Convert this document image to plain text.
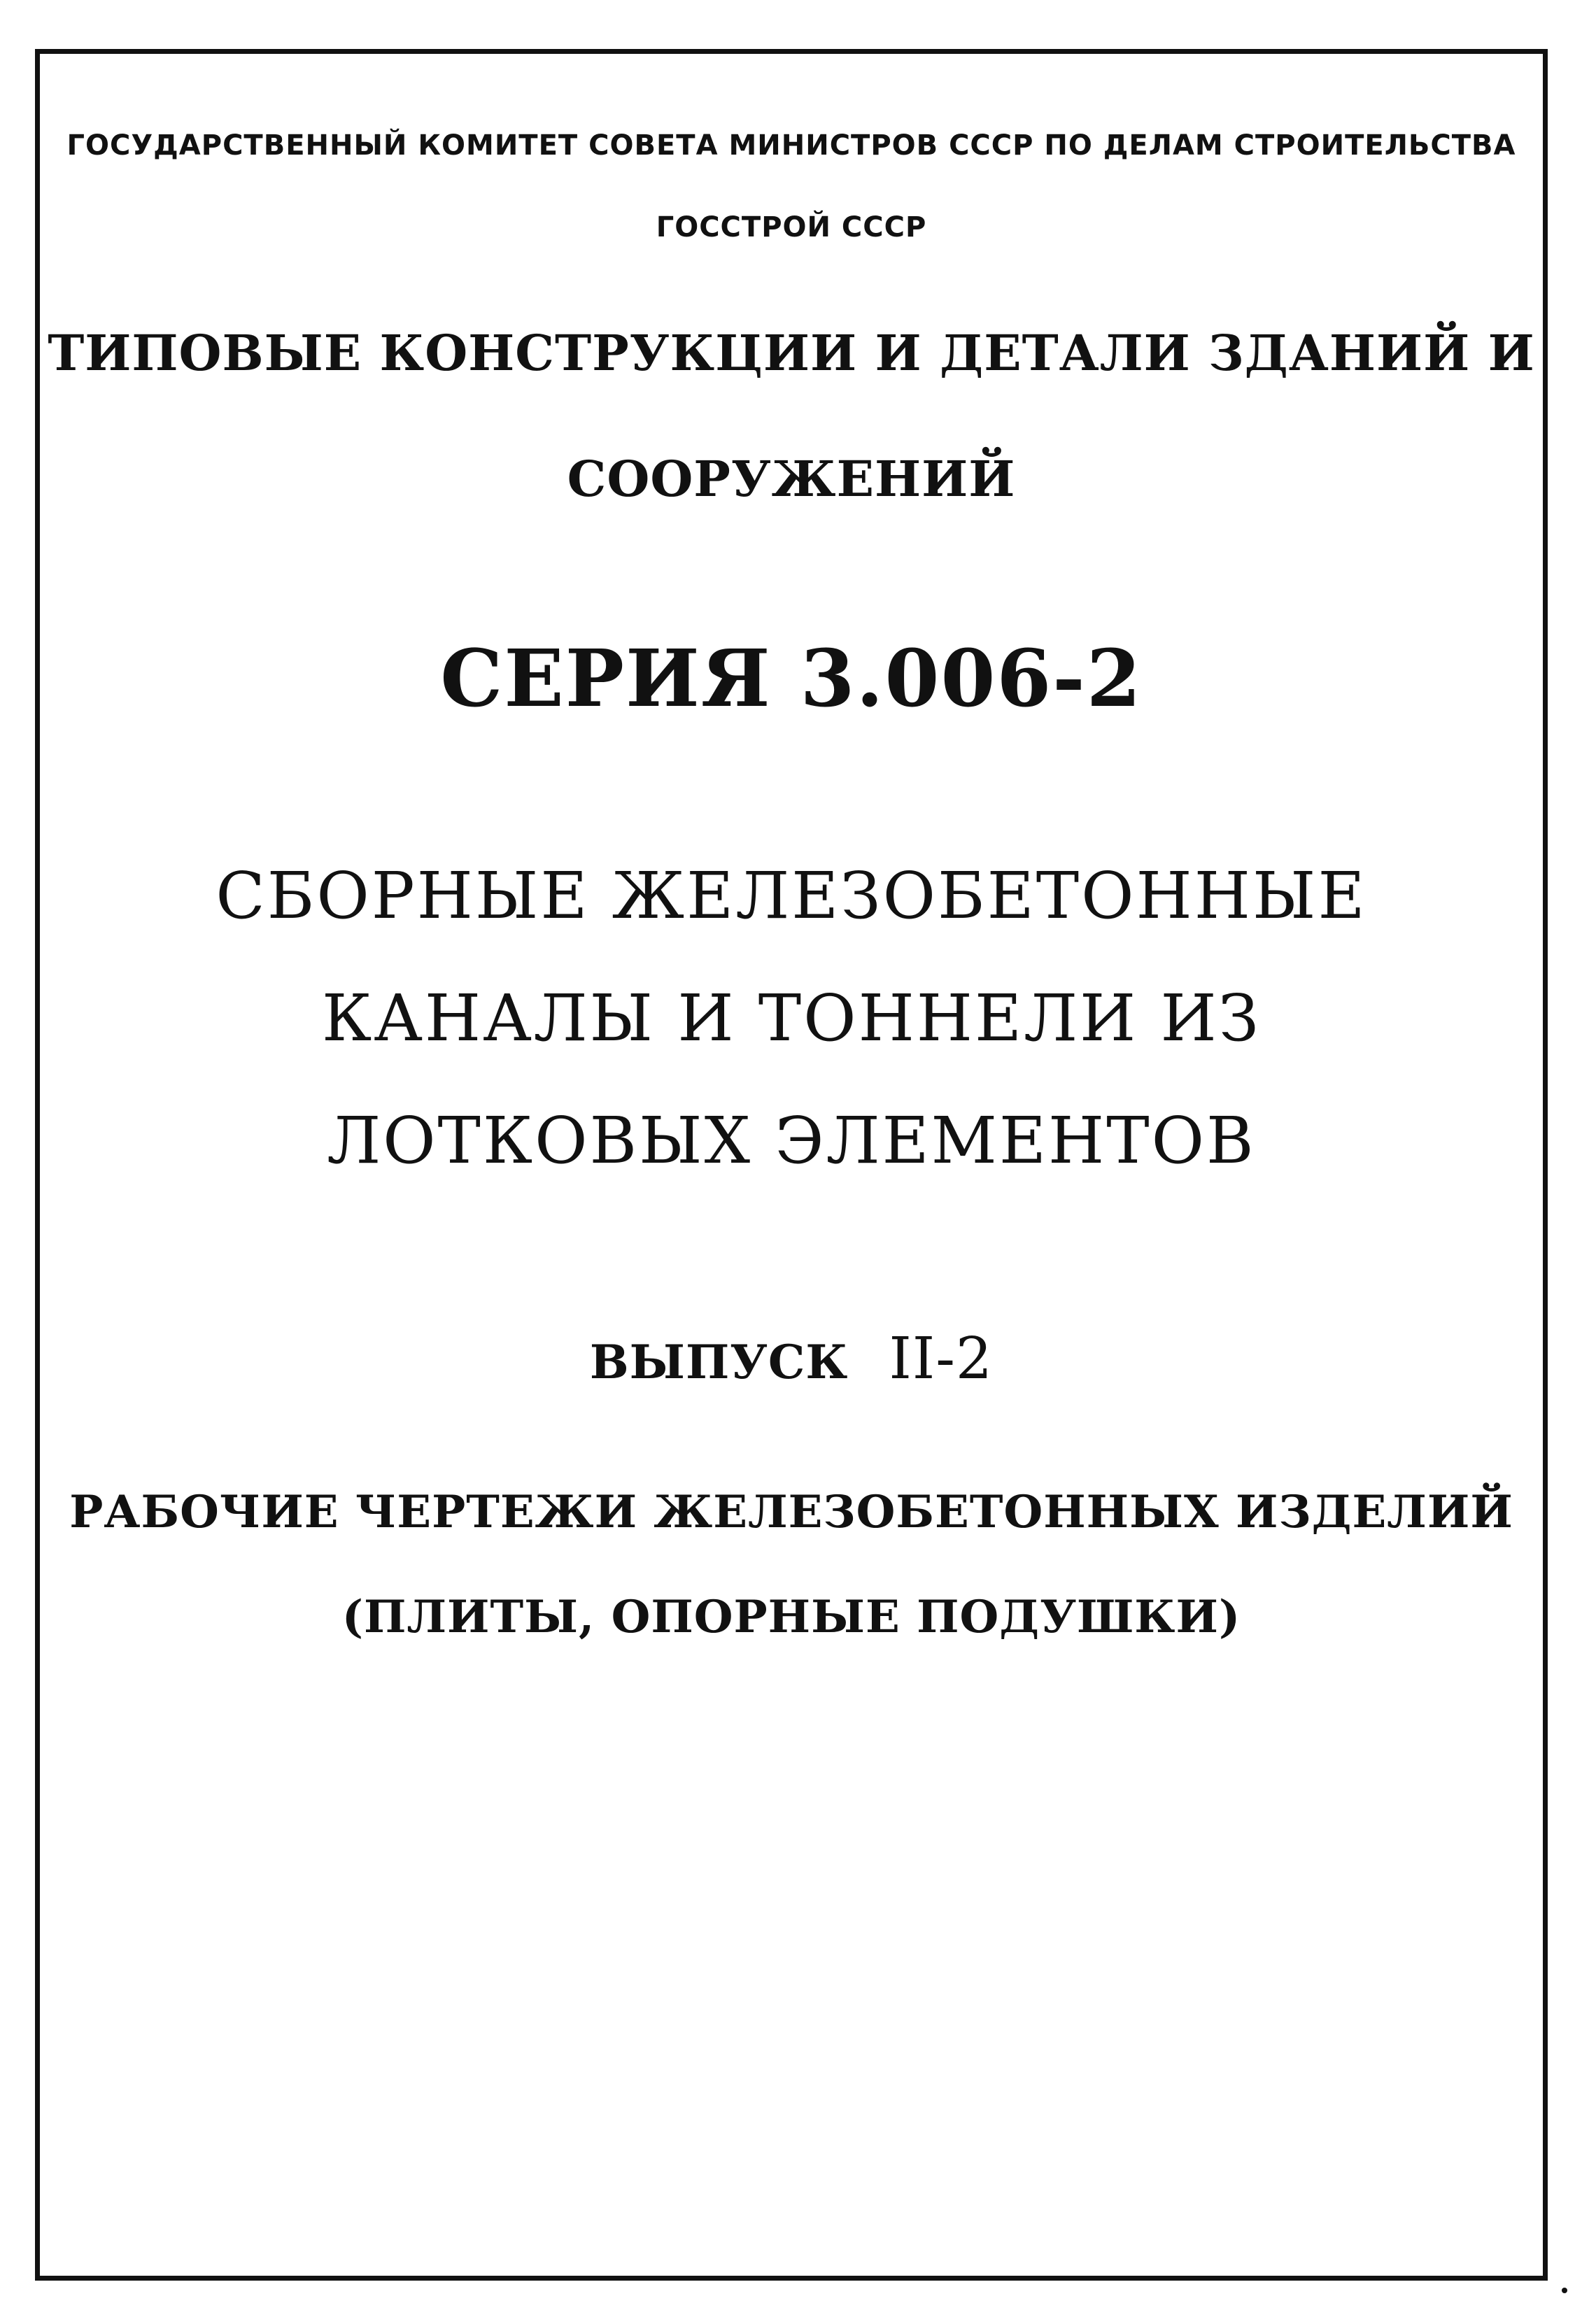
ГОСУДАРСТВЕННЫЙ КОМИТЕТ СОВЕТА МИНИСТРОВ СССР ПО ДЕЛАМ СТРОИТЕЛЬСТВА

ГОССТРОЙ СССР

ТИПОВЫЕ КОНСТРУКЦИИ И ДЕТАЛИ ЗДАНИЙ И

СООРУЖЕНИЙ

СЕРИЯ 3.006-2

СБОРНЫЕ ЖЕЛЕЗОБЕТОННЫЕ

КАНАЛЫ И ТОННЕЛИ ИЗ

ЛОТКОВЫХ ЭЛЕМЕНТОВ

ВЫПУСК II-2

РАБОЧИЕ ЧЕРТЕЖИ ЖЕЛЕЗОБЕТОННЫХ ИЗДЕЛИЙ

(ПЛИТЫ, ОПОРНЫЕ ПОДУШКИ)
